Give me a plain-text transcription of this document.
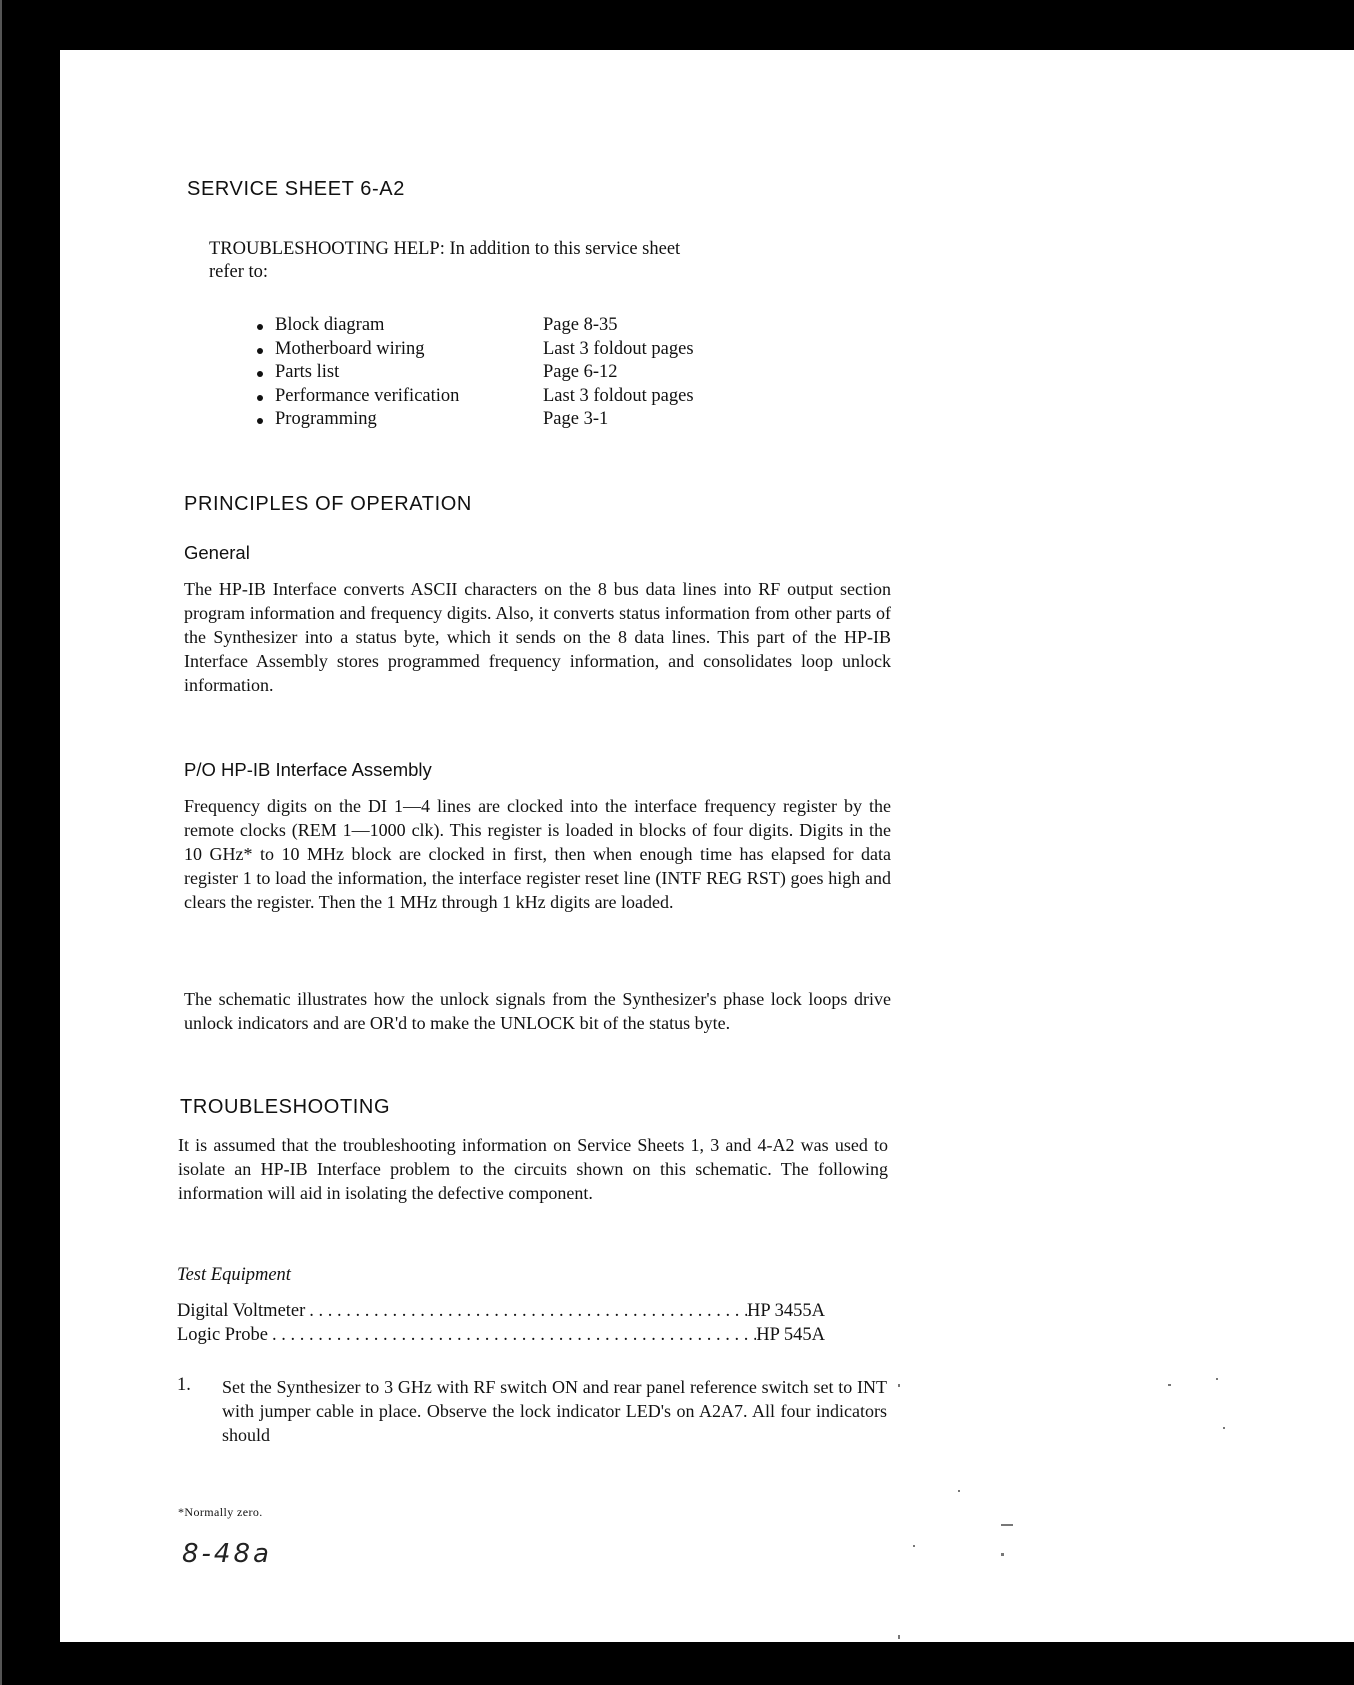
SERVICE SHEET 6-A2
TROUBLESHOOTING HELP: In addition to this service sheet
refer to:
Block diagram	Page 8-35
Motherboard wiring	Last 3 foldout pages
Parts list	Page 6-12
Performance verification	Last 3 foldout pages
Programming	Page 3-1
PRINCIPLES OF OPERATION
General

The HP-IB Interface converts ASCII characters on the 8 bus data lines into RF output section program information and frequency digits. Also, it converts status information from other parts of the Synthesizer into a status byte, which it sends on the 8 data lines. This part of the HP-IB Interface Assembly stores programmed frequency information, and consolidates loop unlock information.

P/O HP-IB Interface Assembly

Frequency digits on the DI 1—4 lines are clocked into the interface frequency register by the remote clocks (REM 1—1000 clk). This register is loaded in blocks of four digits. Digits in the 10 GHz* to 10 MHz block are clocked in first, then when enough time has elapsed for data register 1 to load the information, the interface register reset line (INTF REG RST) goes high and clears the register. Then the 1 MHz through 1 kHz digits are loaded.

The schematic illustrates how the unlock signals from the Synthesizer's phase lock loops drive unlock indicators and are OR'd to make the UNLOCK bit of the status byte.

TROUBLESHOOTING

It is assumed that the troubleshooting information on Service Sheets 1, 3 and 4-A2 was used to isolate an HP-IB Interface problem to the circuits shown on this schematic. The following information will aid in isolating the defective component.

Test Equipment
Digital Voltmeter . . .	HP 3455A
Logic Probe . . .	HP 545A
1. Set the Synthesizer to 3 GHz with RF switch ON and rear panel reference switch set to INT with jumper cable in place. Observe the lock indicator LED's on A2A7. All four indicators should

*Normally zero.
8-48a
